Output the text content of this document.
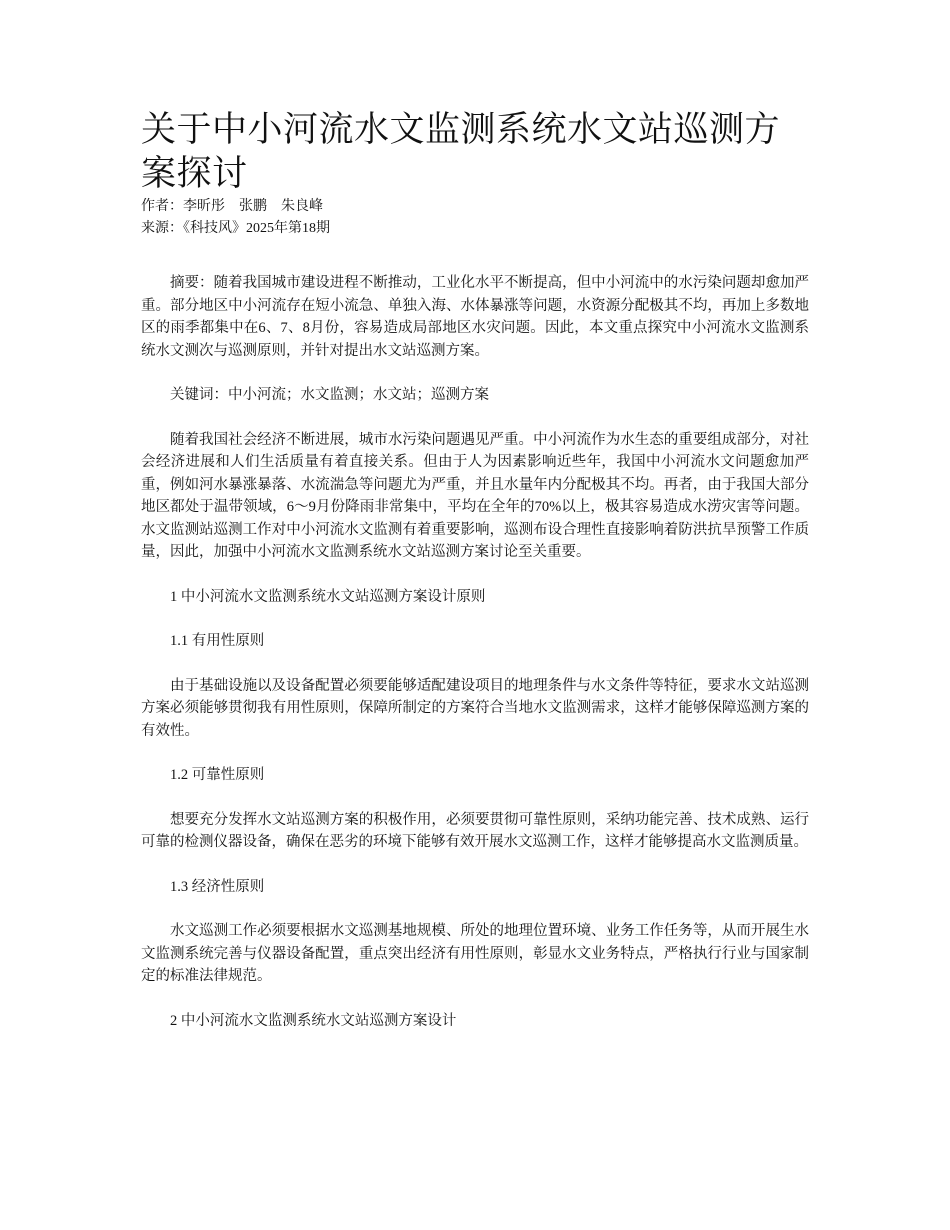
关于中小河流水文监测系统水文站巡测方案探讨

作者：李昕彤 张鹏 朱良峰

来源：《科技风》2025年第18期

摘要：随着我国城市建设进程不断推动，工业化水平不断提高，但中小河流中的水污染问题却愈加严重。部分地区中小河流存在短小流急、单独入海、水体暴涨等问题，水资源分配极其不均，再加上多数地区的雨季都集中在6、7、8月份，容易造成局部地区水灾问题。因此，本文重点探究中小河流水文监测系统水文测次与巡测原则，并针对提出水文站巡测方案。

关键词：中小河流；水文监测；水文站；巡测方案

随着我国社会经济不断进展，城市水污染问题遇见严重。中小河流作为水生态的重要组成部分，对社会经济进展和人们生活质量有着直接关系。但由于人为因素影响近些年，我国中小河流水文问题愈加严重，例如河水暴涨暴落、水流湍急等问题尤为严重，并且水量年内分配极其不均。再者，由于我国大部分地区都处于温带领域，6～9月份降雨非常集中，平均在全年的70%以上，极其容易造成水涝灾害等问题。水文监测站巡测工作对中小河流水文监测有着重要影响，巡测布设合理性直接影响着防洪抗旱预警工作质量，因此，加强中小河流水文监测系统水文站巡测方案讨论至关重要。

1 中小河流水文监测系统水文站巡测方案设计原则

1.1 有用性原则

由于基础设施以及设备配置必须要能够适配建设项目的地理条件与水文条件等特征，要求水文站巡测方案必须能够贯彻我有用性原则，保障所制定的方案符合当地水文监测需求，这样才能够保障巡测方案的有效性。

1.2 可靠性原则

想要充分发挥水文站巡测方案的积极作用，必须要贯彻可靠性原则，采纳功能完善、技术成熟、运行可靠的检测仪器设备，确保在恶劣的环境下能够有效开展水文巡测工作，这样才能够提高水文监测质量。

1.3 经济性原则

水文巡测工作必须要根据水文巡测基地规模、所处的地理位置环境、业务工作任务等，从而开展生水文监测系统完善与仪器设备配置，重点突出经济有用性原则，彰显水文业务特点，严格执行行业与国家制定的标准法律规范。

2 中小河流水文监测系统水文站巡测方案设计
